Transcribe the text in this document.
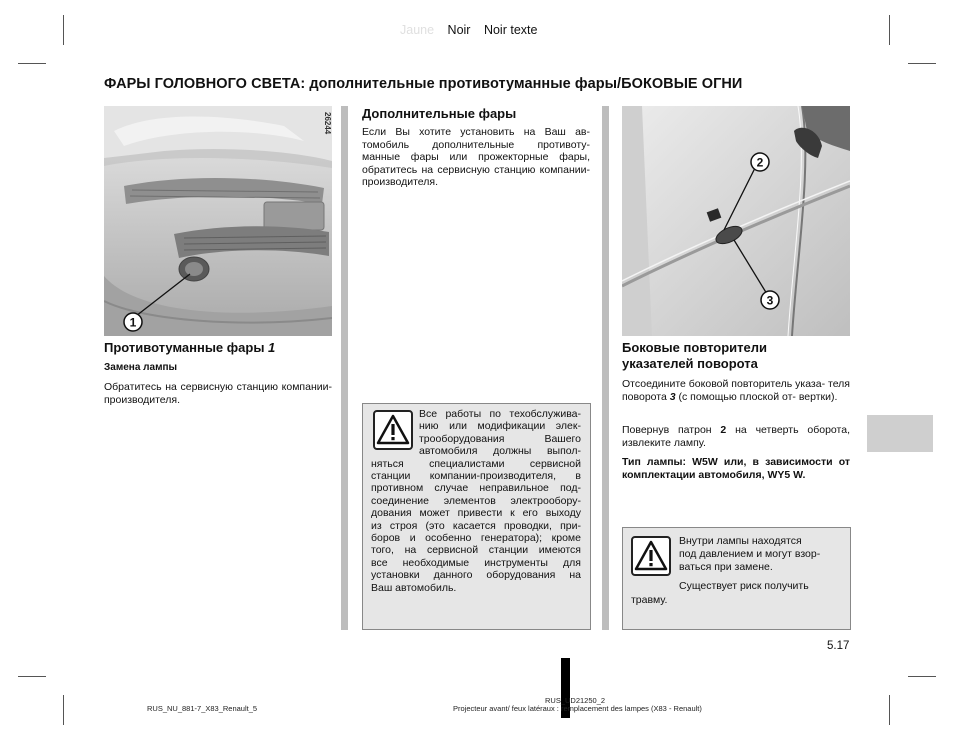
Jaune Noir Noir texte
ФАРЫ ГОЛОВНОГО СВЕТА: дополнительные противотуманные фары/БОКОВЫЕ ОГНИ
1
26244
Противотуманные фары 1
Замена лампы
Обратитесь на сервисную станцию компании-производителя.
Дополнительные фары
Если Вы хотите установить на Ваш ав- томобиль дополнительные противоту- манные фары или прожекторные фары, обратитесь на сервисную станцию компании-производителя.
Все работы по техобслужива-
нию или модификации элек-
трооборудования Вашего
автомобиля должны выпол-
няться специалистами сервисной
станции компании-производителя, в
противном случае неправильное под-
соединение элементов электрообору-
дования может привести к его выходу
из строя (это касается проводки, при-
боров и особенно генератора); кроме
того, на сервисной станции имеются
все необходимые инструменты для
установки данного оборудования на
Ваш автомобиль.
2
3
Боковые повторители
указателей поворота
Отсоедините боковой повторитель указа- теля поворота 3 (с помощью плоской от- вертки).
Повернув патрон 2 на четверть оборота, извлеките лампу.
Тип лампы: W5W или, в зависимости от комплектации автомобиля, WY5 W.
Внутри лампы находятся
под давлением и могут взор-
ваться при замене.
Существует риск получить
травму.
5.17
RUS_NU_881-7_X83_Renault_5
RUS_UD21250_2
Projecteur avant/ feux latéraux : remplacement des lampes (X83 - Renault)
